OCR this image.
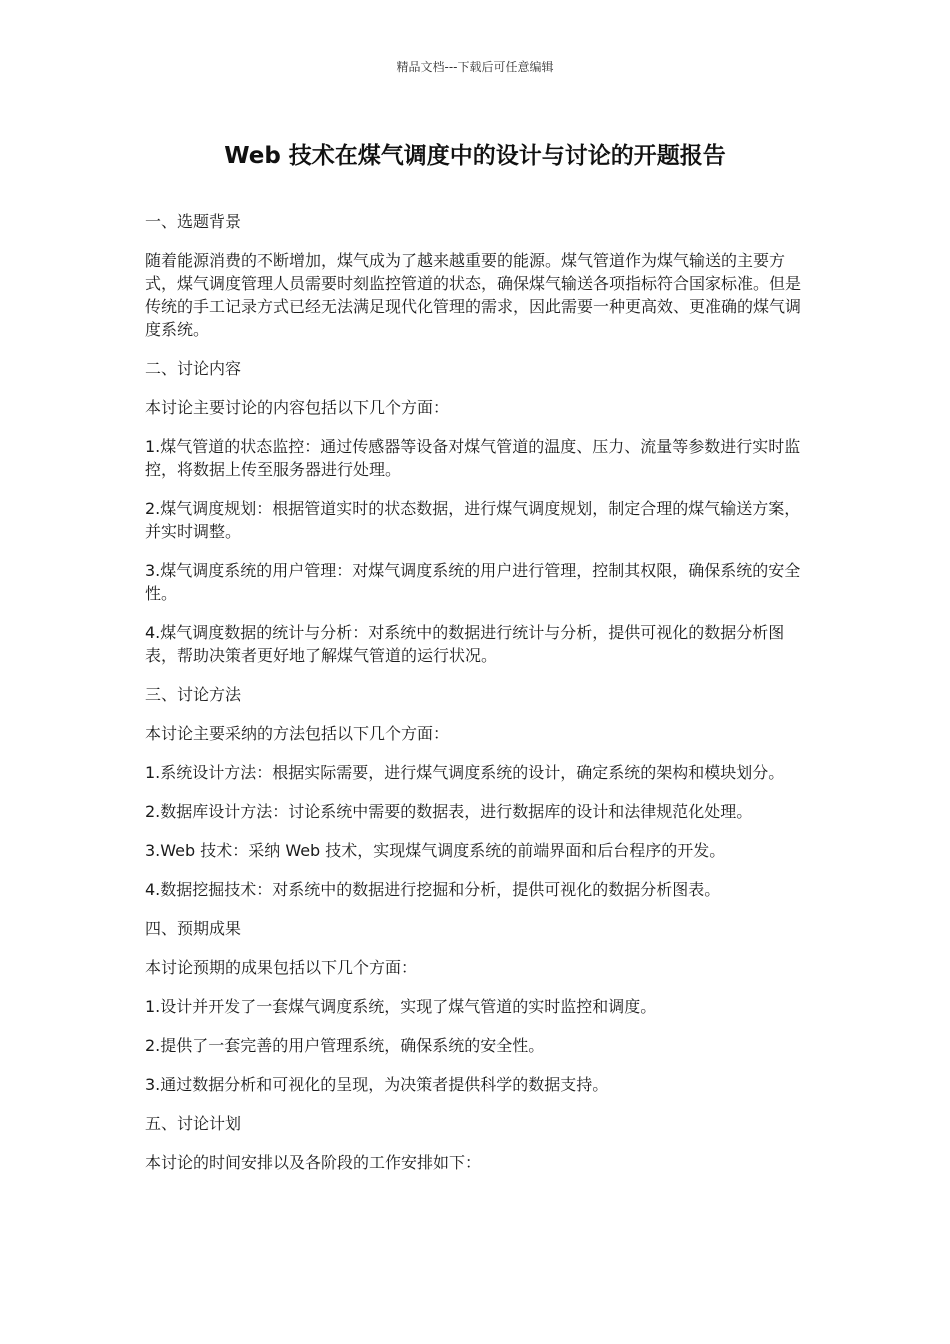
精品文档---下载后可任意编辑
Web 技术在煤气调度中的设计与讨论的开题报告

一、选题背景

随着能源消费的不断增加，煤气成为了越来越重要的能源。煤气管道作为煤气输送的主要方式，煤气调度管理人员需要时刻监控管道的状态，确保煤气输送各项指标符合国家标准。但是传统的手工记录方式已经无法满足现代化管理的需求，因此需要一种更高效、更准确的煤气调度系统。

二、讨论内容

本讨论主要讨论的内容包括以下几个方面：

1.煤气管道的状态监控：通过传感器等设备对煤气管道的温度、压力、流量等参数进行实时监控，将数据上传至服务器进行处理。

2.煤气调度规划：根据管道实时的状态数据，进行煤气调度规划，制定合理的煤气输送方案，并实时调整。

3.煤气调度系统的用户管理：对煤气调度系统的用户进行管理，控制其权限，确保系统的安全性。

4.煤气调度数据的统计与分析：对系统中的数据进行统计与分析，提供可视化的数据分析图表，帮助决策者更好地了解煤气管道的运行状况。

三、讨论方法

本讨论主要采纳的方法包括以下几个方面：

1.系统设计方法：根据实际需要，进行煤气调度系统的设计，确定系统的架构和模块划分。

2.数据库设计方法：讨论系统中需要的数据表，进行数据库的设计和法律规范化处理。

3.Web 技术：采纳 Web 技术，实现煤气调度系统的前端界面和后台程序的开发。

4.数据挖掘技术：对系统中的数据进行挖掘和分析，提供可视化的数据分析图表。

四、预期成果

本讨论预期的成果包括以下几个方面：

1.设计并开发了一套煤气调度系统，实现了煤气管道的实时监控和调度。

2.提供了一套完善的用户管理系统，确保系统的安全性。

3.通过数据分析和可视化的呈现，为决策者提供科学的数据支持。

五、讨论计划

本讨论的时间安排以及各阶段的工作安排如下：
